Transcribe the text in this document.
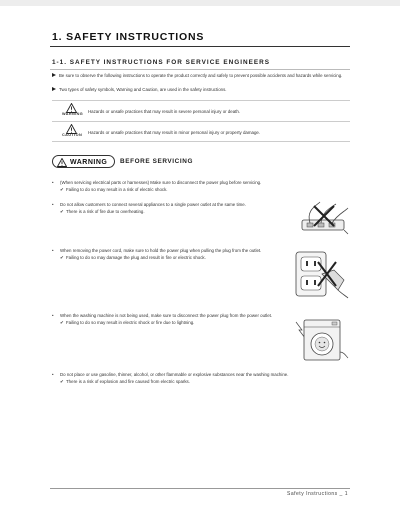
1. SAFETY INSTRUCTIONS
1-1. SAFETY INSTRUCTIONS FOR SERVICE ENGINEERS
Be sure to observe the following instructions to operate the product correctly and safely to prevent possible accidents and hazards while servicing.
Two types of safety symbols, Warning and Caution, are used in the safety instructions.
WARNING Hazards or unsafe practices that may result in severe personal injury or death.
CAUTION Hazards or unsafe practices that may result in minor personal injury or property damage.
WARNING BEFORE SERVICING
• (When servicing electrical parts or harnesses) Make sure to disconnect the power plug before servicing.
✔ Failing to do so may result in a risk of electric shock.
• Do not allow customers to connect several appliances to a single power outlet at the same time.
✔ There is a risk of fire due to overheating.
• When removing the power cord, make sure to hold the power plug when pulling the plug from the outlet.
✔ Failing to do so may damage the plug and result in fire or electric shock.
• When the washing machine is not being used, make sure to disconnect the power plug from the power outlet.
✔ Failing to do so may result in electric shock or fire due to lightning.
• Do not place or use gasoline, thinner, alcohol, or other flammable or explosive substances near the washing machine.
✔ There is a risk of explosion and fire caused from electric sparks.
Safety Instructions _ 1
